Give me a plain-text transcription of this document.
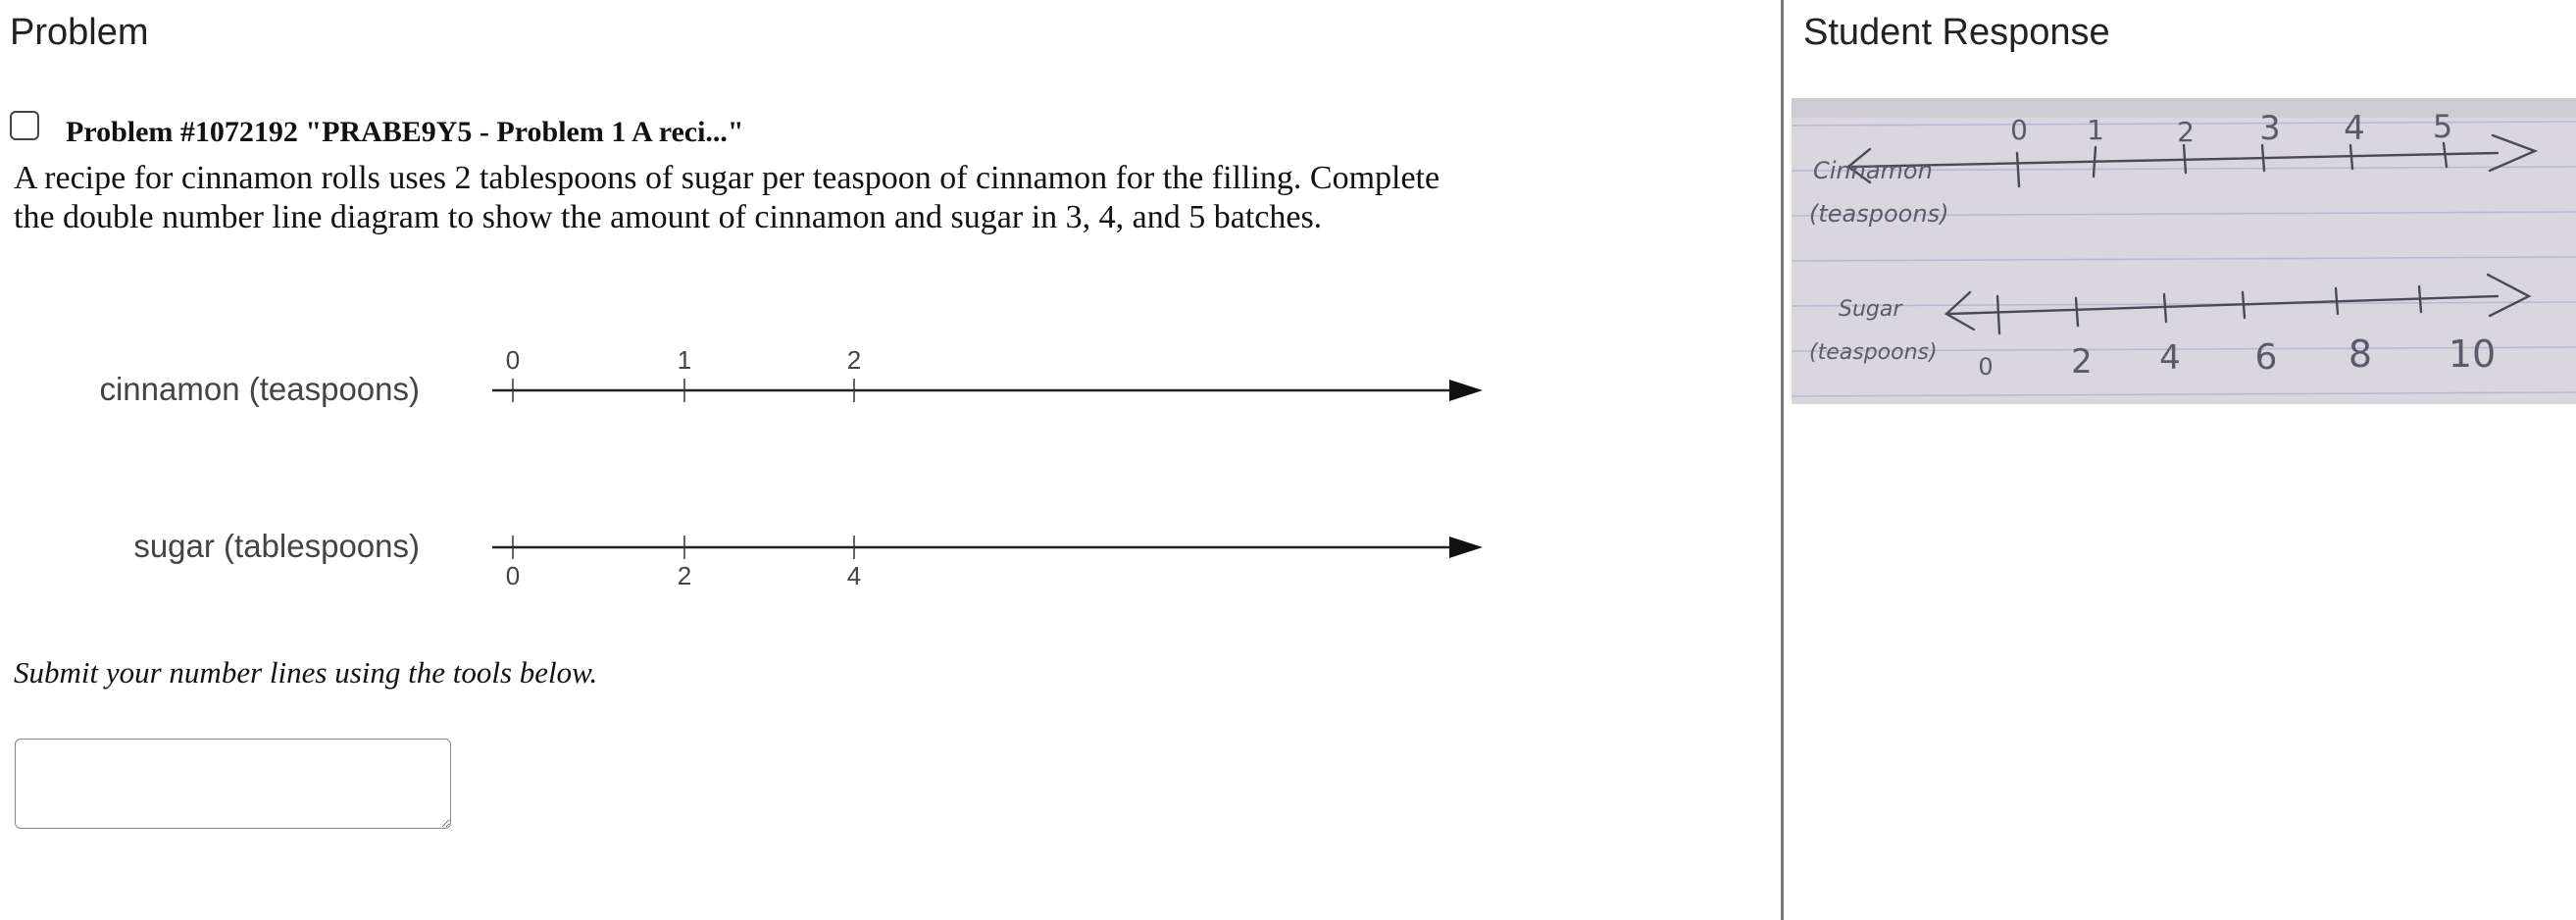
Problem
Problem #1072192 "PRABE9Y5 - Problem 1 A reci..."
A recipe for cinnamon rolls uses 2 tablespoons of sugar per teaspoon of cinnamon for the filling. Complete
the double number line diagram to show the amount of cinnamon and sugar in 3, 4, and 5 batches.
cinnamon (teaspoons)
0	1	2
sugar (tablespoons)
0	2	4
Submit your number lines using the tools below.
Student Response
Cinnamon
(teaspoons)
0 1	2 3 4 5
Sugar
(teaspoons)
0 2 4 6 8 10
